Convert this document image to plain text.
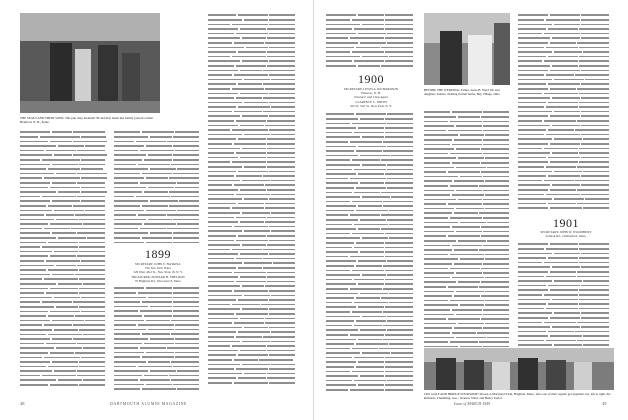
THE SEALS AND THEIR SONS: This pair may, Kenneth '99 and may made this family portrait at their Bradford, N. H., home.
1899
SECRETARY, JOHN E. HASKELL
The New York Times
229 West 43rd St., New York 18, N. Y.
TREASURER, EDWARD H. SHELDON
70 Brighton Rd., Worcester 8, Mass.
48	DARTMOUTH ALUMNI MAGAZINE
1900
SECRETARY, LEWIS A. RICHARDSON
Hanover, N. H.
Treasurer and Class Agent
CLARENCE C. SMITH
410 W. 31st St., New York, N. Y.
BEFORE THE WEDDING: Father, Jonas B. Ward '00, and daughter, Sandra, chatting in their home, Bay Village, Ohio
1901
SECRETARY, JOHN W. WOODBURY
Lyndon Rd., Chelmsford, Mass.
1901 GOLF AND BRIDGE FOURSOME: Shown at Maryland Farm, Brighton, Mass., after one of their regular get-togethers are, left to right, the Richards, Chandling, Geo., Jackson, Ward, and Henry Taylor
Issue of MARCH 1949	49
